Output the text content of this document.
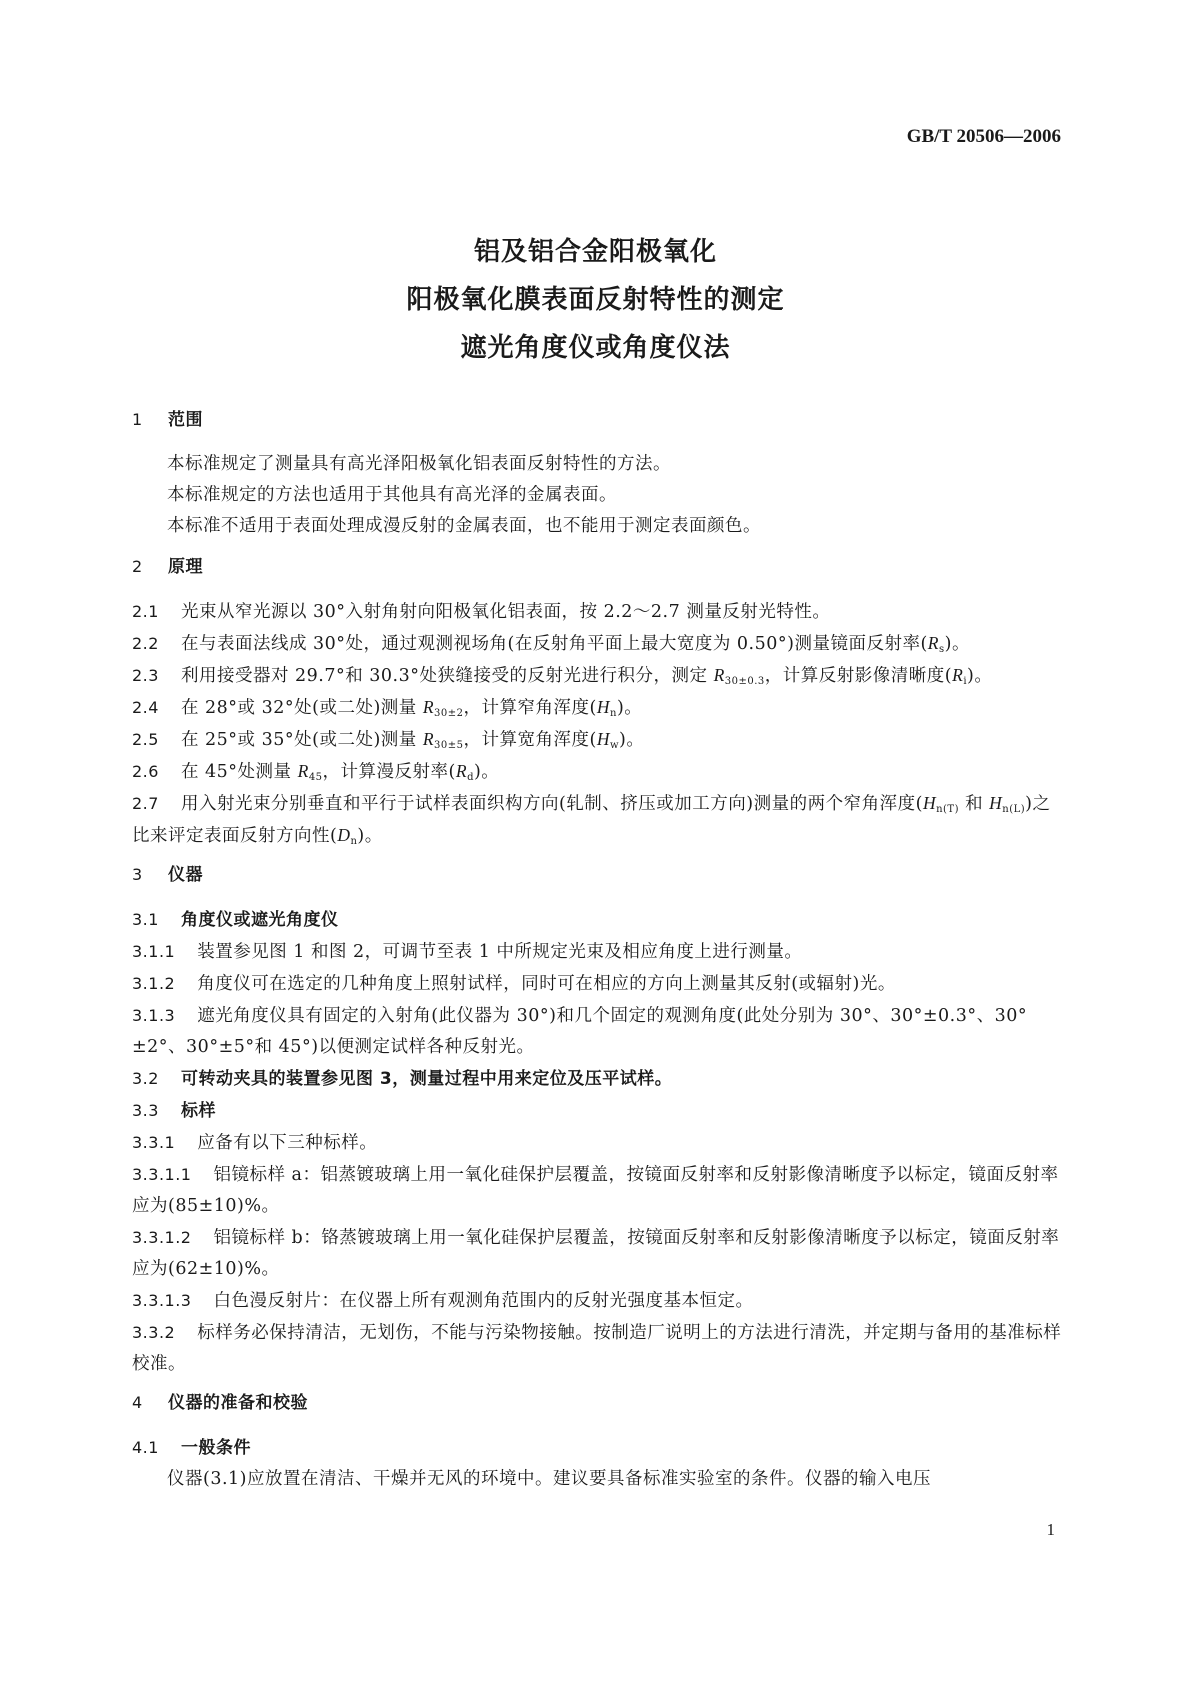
GB/T 20506—2006
铝及铝合金阳极氧化
阳极氧化膜表面反射特性的测定
遮光角度仪或角度仪法
1 范围
本标准规定了测量具有高光泽阳极氧化铝表面反射特性的方法。
本标准规定的方法也适用于其他具有高光泽的金属表面。
本标准不适用于表面处理成漫反射的金属表面，也不能用于测定表面颜色。
2 原理
2.1 光束从窄光源以 30°入射角射向阳极氧化铝表面，按 2.2～2.7 测量反射光特性。
2.2 在与表面法线成 30°处，通过观测视场角(在反射角平面上最大宽度为 0.50°)测量镜面反射率$(R_s)$。
2.3 利用接受器对 29.7°和 30.3°处狭缝接受的反射光进行积分，测定 $R_{30\pm 0.3}$，计算反射影像清晰度$(R_i)$。
2.4 在 28°或 32°处(或二处)测量 $R_{30\pm 2}$，计算窄角浑度$(H_n)$。
2.5 在 25°或 35°处(或二处)测量 $R_{30\pm 5}$，计算宽角浑度$(H_w)$。
2.6 在 45°处测量 $R_{45}$，计算漫反射率$(R_d)$。
2.7 用入射光束分别垂直和平行于试样表面织构方向(轧制、挤压或加工方向)测量的两个窄角浑度($H_{n(T)}$ 和 $H_{n(L)}$)之比来评定表面反射方向性$(D_n)$。
3 仪器
3.1 角度仪或遮光角度仪
3.1.1 装置参见图 1 和图 2，可调节至表 1 中所规定光束及相应角度上进行测量。
3.1.2 角度仪可在选定的几种角度上照射试样，同时可在相应的方向上测量其反射(或辐射)光。
3.1.3 遮光角度仪具有固定的入射角(此仪器为 30°)和几个固定的观测角度(此处分别为 30°、30°±0.3°、30°±2°、30°±5°和 45°)以便测定试样各种反射光。
3.2 可转动夹具的装置参见图 3，测量过程中用来定位及压平试样。
3.3 标样
3.3.1 应备有以下三种标样。
3.3.1.1 铝镜标样 a：铝蒸镀玻璃上用一氧化硅保护层覆盖，按镜面反射率和反射影像清晰度予以标定，镜面反射率应为(85±10)%。
3.3.1.2 铝镜标样 b：铬蒸镀玻璃上用一氧化硅保护层覆盖，按镜面反射率和反射影像清晰度予以标定，镜面反射率应为(62±10)%。
3.3.1.3 白色漫反射片：在仪器上所有观测角范围内的反射光强度基本恒定。
3.3.2 标样务必保持清洁，无划伤，不能与污染物接触。按制造厂说明上的方法进行清洗，并定期与备用的基准标样校准。
4 仪器的准备和校验
4.1 一般条件
仪器(3.1)应放置在清洁、干燥并无风的环境中。建议要具备标准实验室的条件。仪器的输入电压
1
